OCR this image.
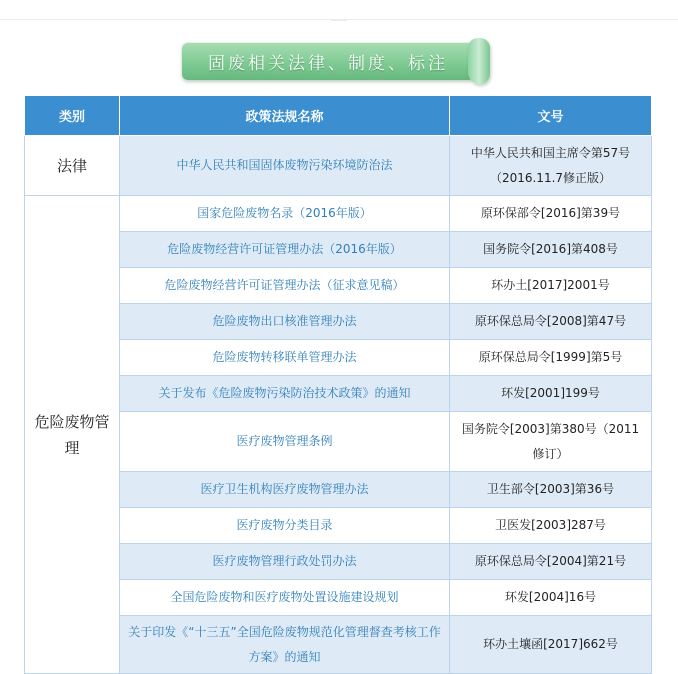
固废相关法律、制度、标注
类别	政策法规名称	文号
法律	中华人民共和国固体废物污染环境防治法	中华人民共和国主席令第57号（2016.11.7修正版）
危险废物管理	国家危险废物名录（2016年版）	原环保部令[2016]第39号
	危险废物经营许可证管理办法（2016年版）	国务院令[2016]第408号
	危险废物经营许可证管理办法（征求意见稿）	环办土[2017]2001号
	危险废物出口核准管理办法	原环保总局令[2008]第47号
	危险废物转移联单管理办法	原环保总局令[1999]第5号
	关于发布《危险废物污染防治技术政策》的通知	环发[2001]199号
	医疗废物管理条例	国务院令[2003]第380号（2011修订）
	医疗卫生机构医疗废物管理办法	卫生部令[2003]第36号
	医疗废物分类目录	卫医发[2003]287号
	医疗废物管理行政处罚办法	原环保总局令[2004]第21号
	全国危险废物和医疗废物处置设施建设规划	环发[2004]16号
	关于印发《“十三五”全国危险废物规范化管理督查考核工作方案》的通知	环办土壤函[2017]662号
